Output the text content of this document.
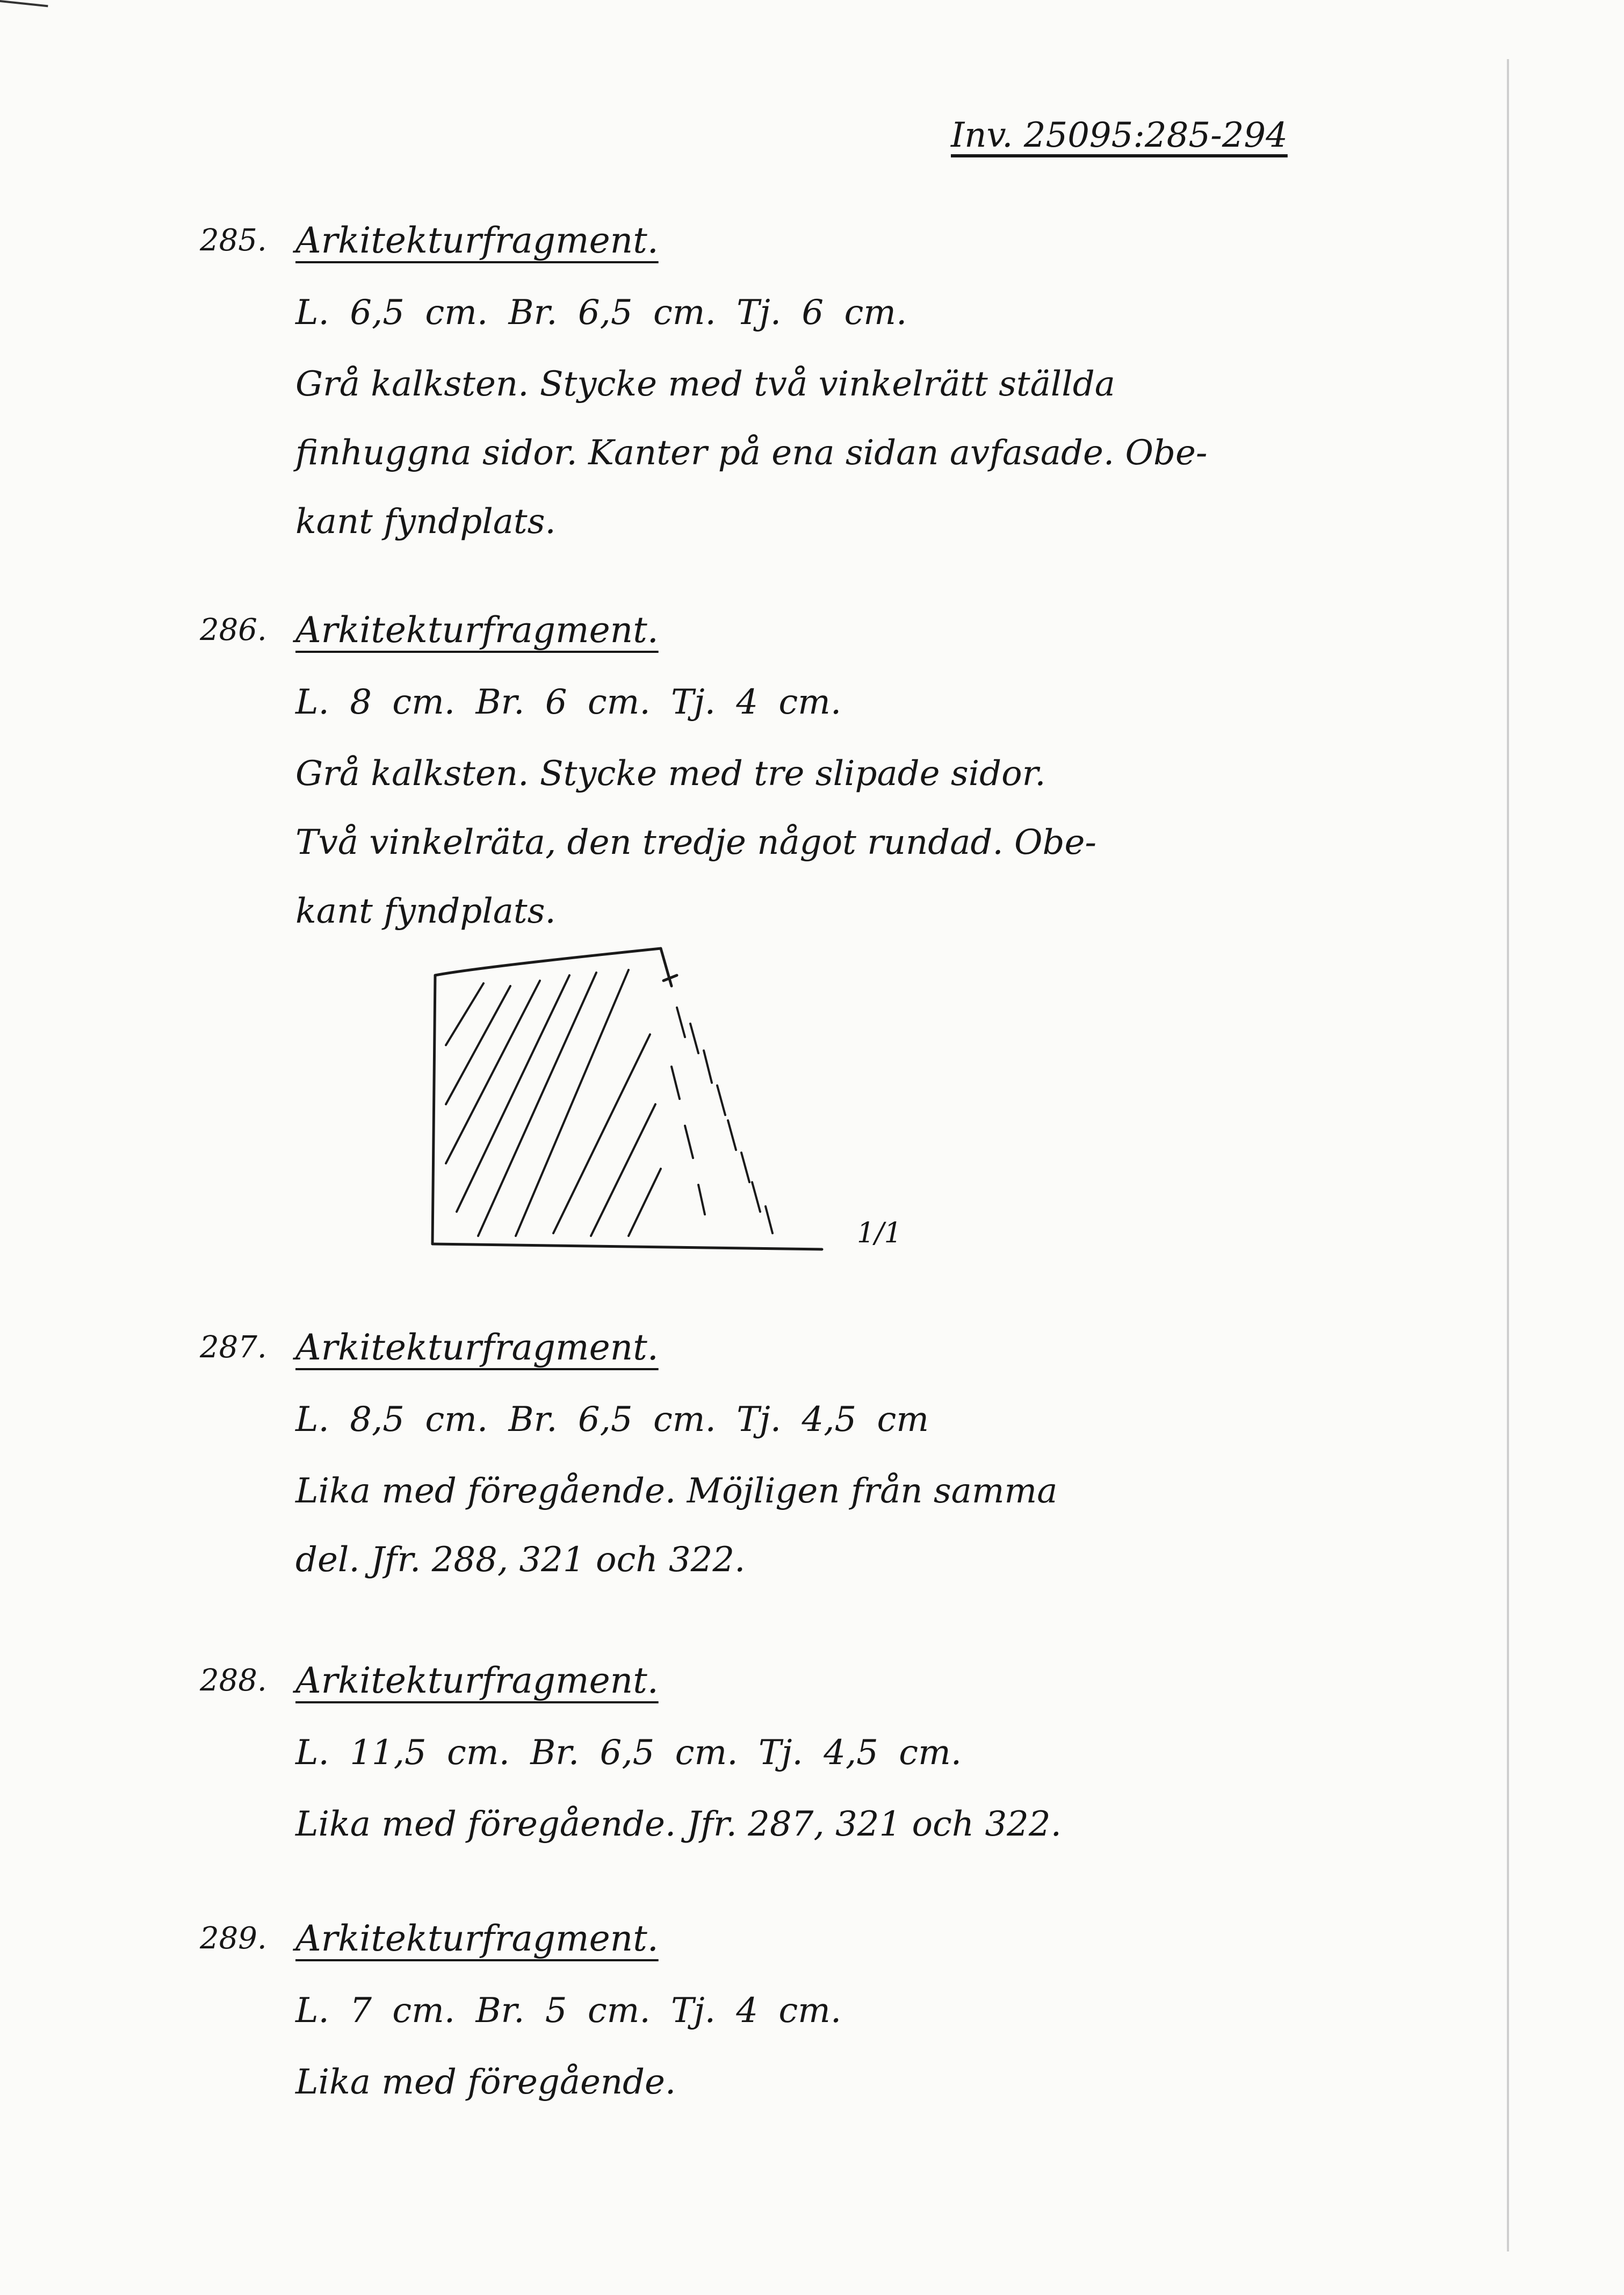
Inv. 25095:285-294
285. Arkitekturfragment.
L. 6,5 cm. Br. 6,5 cm. Tj. 6 cm.
Grå kalksten. Stycke med två vinkelrätt ställda
finhuggna sidor. Kanter på ena sidan avfasade. Obe-
kant fyndplats.
286. Arkitekturfragment.
L. 8 cm. Br. 6 cm. Tj. 4 cm.
Grå kalksten. Stycke med tre slipade sidor.
Två vinkelräta, den tredje något rundad. Obe-
kant fyndplats.
1/1
287. Arkitekturfragment.
L. 8,5 cm. Br. 6,5 cm. Tj. 4,5 cm
Lika med föregående. Möjligen från samma
del. Jfr. 288, 321 och 322.
288. Arkitekturfragment.
L. 11,5 cm. Br. 6,5 cm. Tj. 4,5 cm.
Lika med föregående. Jfr. 287, 321 och 322.
289. Arkitekturfragment.
L. 7 cm. Br. 5 cm. Tj. 4 cm.
Lika med föregående.
